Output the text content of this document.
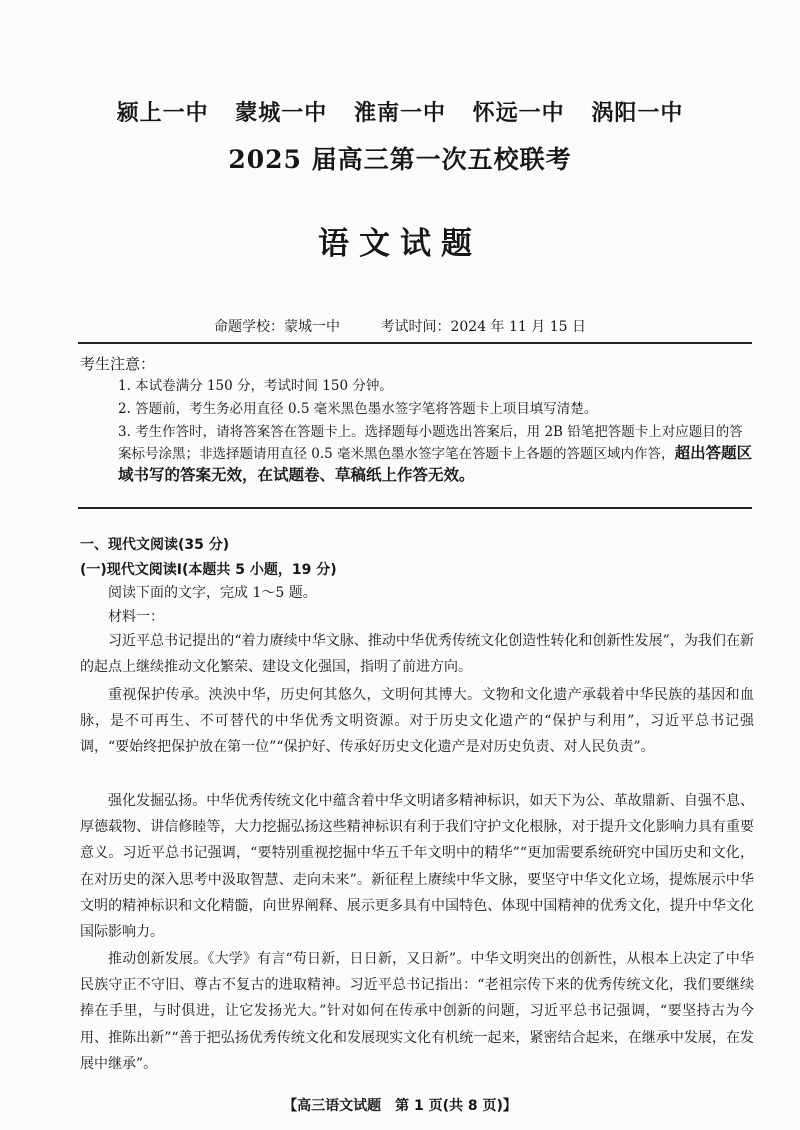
颍上一中 蒙城一中 淮南一中 怀远一中 涡阳一中
2025 届高三第一次五校联考
语文试题
命题学校：蒙城一中	考试时间：2024 年 11 月 15 日
考生注意：
1. 本试卷满分 150 分，考试时间 150 分钟。
2. 答题前，考生务必用直径 0.5 毫米黑色墨水签字笔将答题卡上项目填写清楚。
3. 考生作答时，请将答案答在答题卡上。选择题每小题选出答案后，用 2B 铅笔把答题卡上对应题目的答案标号涂黑；非选择题请用直径 0.5 毫米黑色墨水签字笔在答题卡上各题的答题区域内作答，超出答题区域书写的答案无效，在试题卷、草稿纸上作答无效。
一、现代文阅读(35 分)
(一)现代文阅读Ⅰ(本题共 5 小题，19 分)
阅读下面的文字，完成 1～5 题。
材料一：
习近平总书记提出的“着力赓续中华文脉、推动中华优秀传统文化创造性转化和创新性发展”，为我们在新的起点上继续推动文化繁荣、建设文化强国，指明了前进方向。
重视保护传承。泱泱中华，历史何其悠久，文明何其博大。文物和文化遗产承载着中华民族的基因和血脉，是不可再生、不可替代的中华优秀文明资源。对于历史文化遗产的“保护与利用”，习近平总书记强调，“要始终把保护放在第一位”“保护好、传承好历史文化遗产是对历史负责、对人民负责”。
强化发掘弘扬。中华优秀传统文化中蕴含着中华文明诸多精神标识，如天下为公、革故鼎新、自强不息、厚德载物、讲信修睦等，大力挖掘弘扬这些精神标识有利于我们守护文化根脉，对于提升文化影响力具有重要意义。习近平总书记强调，“要特别重视挖掘中华五千年文明中的精华”“更加需要系统研究中国历史和文化，在对历史的深入思考中汲取智慧、走向未来”。新征程上赓续中华文脉，要坚守中华文化立场，提炼展示中华文明的精神标识和文化精髓，向世界阐释、展示更多具有中国特色、体现中国精神的优秀文化，提升中华文化国际影响力。
推动创新发展。《大学》有言“苟日新，日日新，又日新”。中华文明突出的创新性，从根本上决定了中华民族守正不守旧、尊古不复古的进取精神。习近平总书记指出：“老祖宗传下来的优秀传统文化，我们要继续捧在手里，与时俱进，让它发扬光大。”针对如何在传承中创新的问题，习近平总书记强调，“要坚持古为今用、推陈出新”“善于把弘扬优秀传统文化和发展现实文化有机统一起来，紧密结合起来，在继承中发展，在发展中继承”。
【高三语文试题　第 1 页(共 8 页)】
